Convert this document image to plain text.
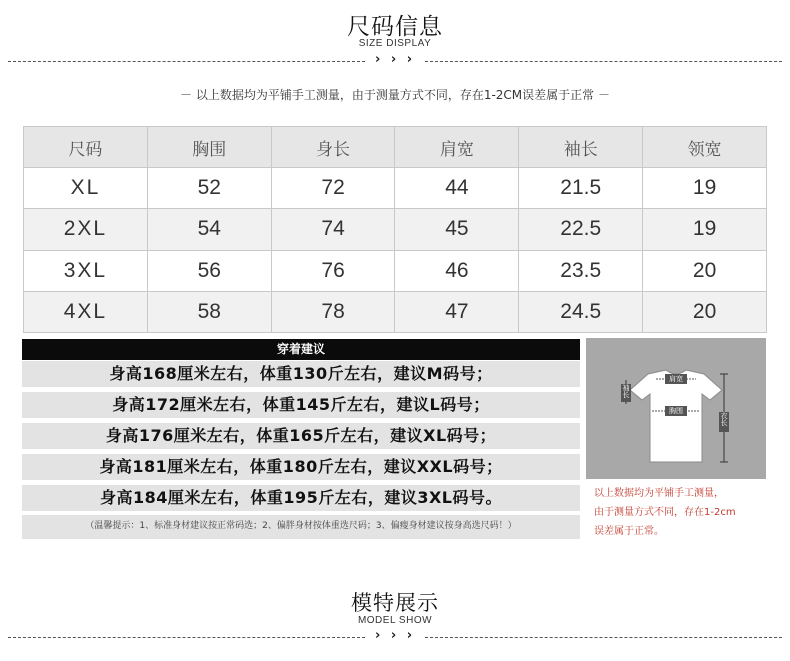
尺码信息
SIZE DISPLAY
› › ›
－ 以上数据均为平铺手工测量，由于测量方式不同，存在1-2CM误差属于正常 －
尺码	胸围	身长	肩宽	袖长	领宽
XL	52	72	44	21.5	19
2XL	54	74	45	22.5	19
3XL	56	76	46	23.5	20
4XL	58	78	47	24.5	20
穿着建议
身高168厘米左右，体重130斤左右，建议M码号；
身高172厘米左右，体重145斤左右，建议L码号；
身高176厘米左右，体重165斤左右，建议XL码号；
身高181厘米左右，体重180斤左右，建议XXL码号；
身高184厘米左右，体重195斤左右，建议3XL码号。
（温馨提示：1、标准身材建议按正常码选；2、偏胖身材按体重选尺码；3、偏瘦身材建议按身高选尺码！）
肩宽
胸围
衣长
袖长
以上数据均为平铺手工测量，
由于测量方式不同，存在1-2cm
误差属于正常。
模特展示
MODEL SHOW
› › ›
